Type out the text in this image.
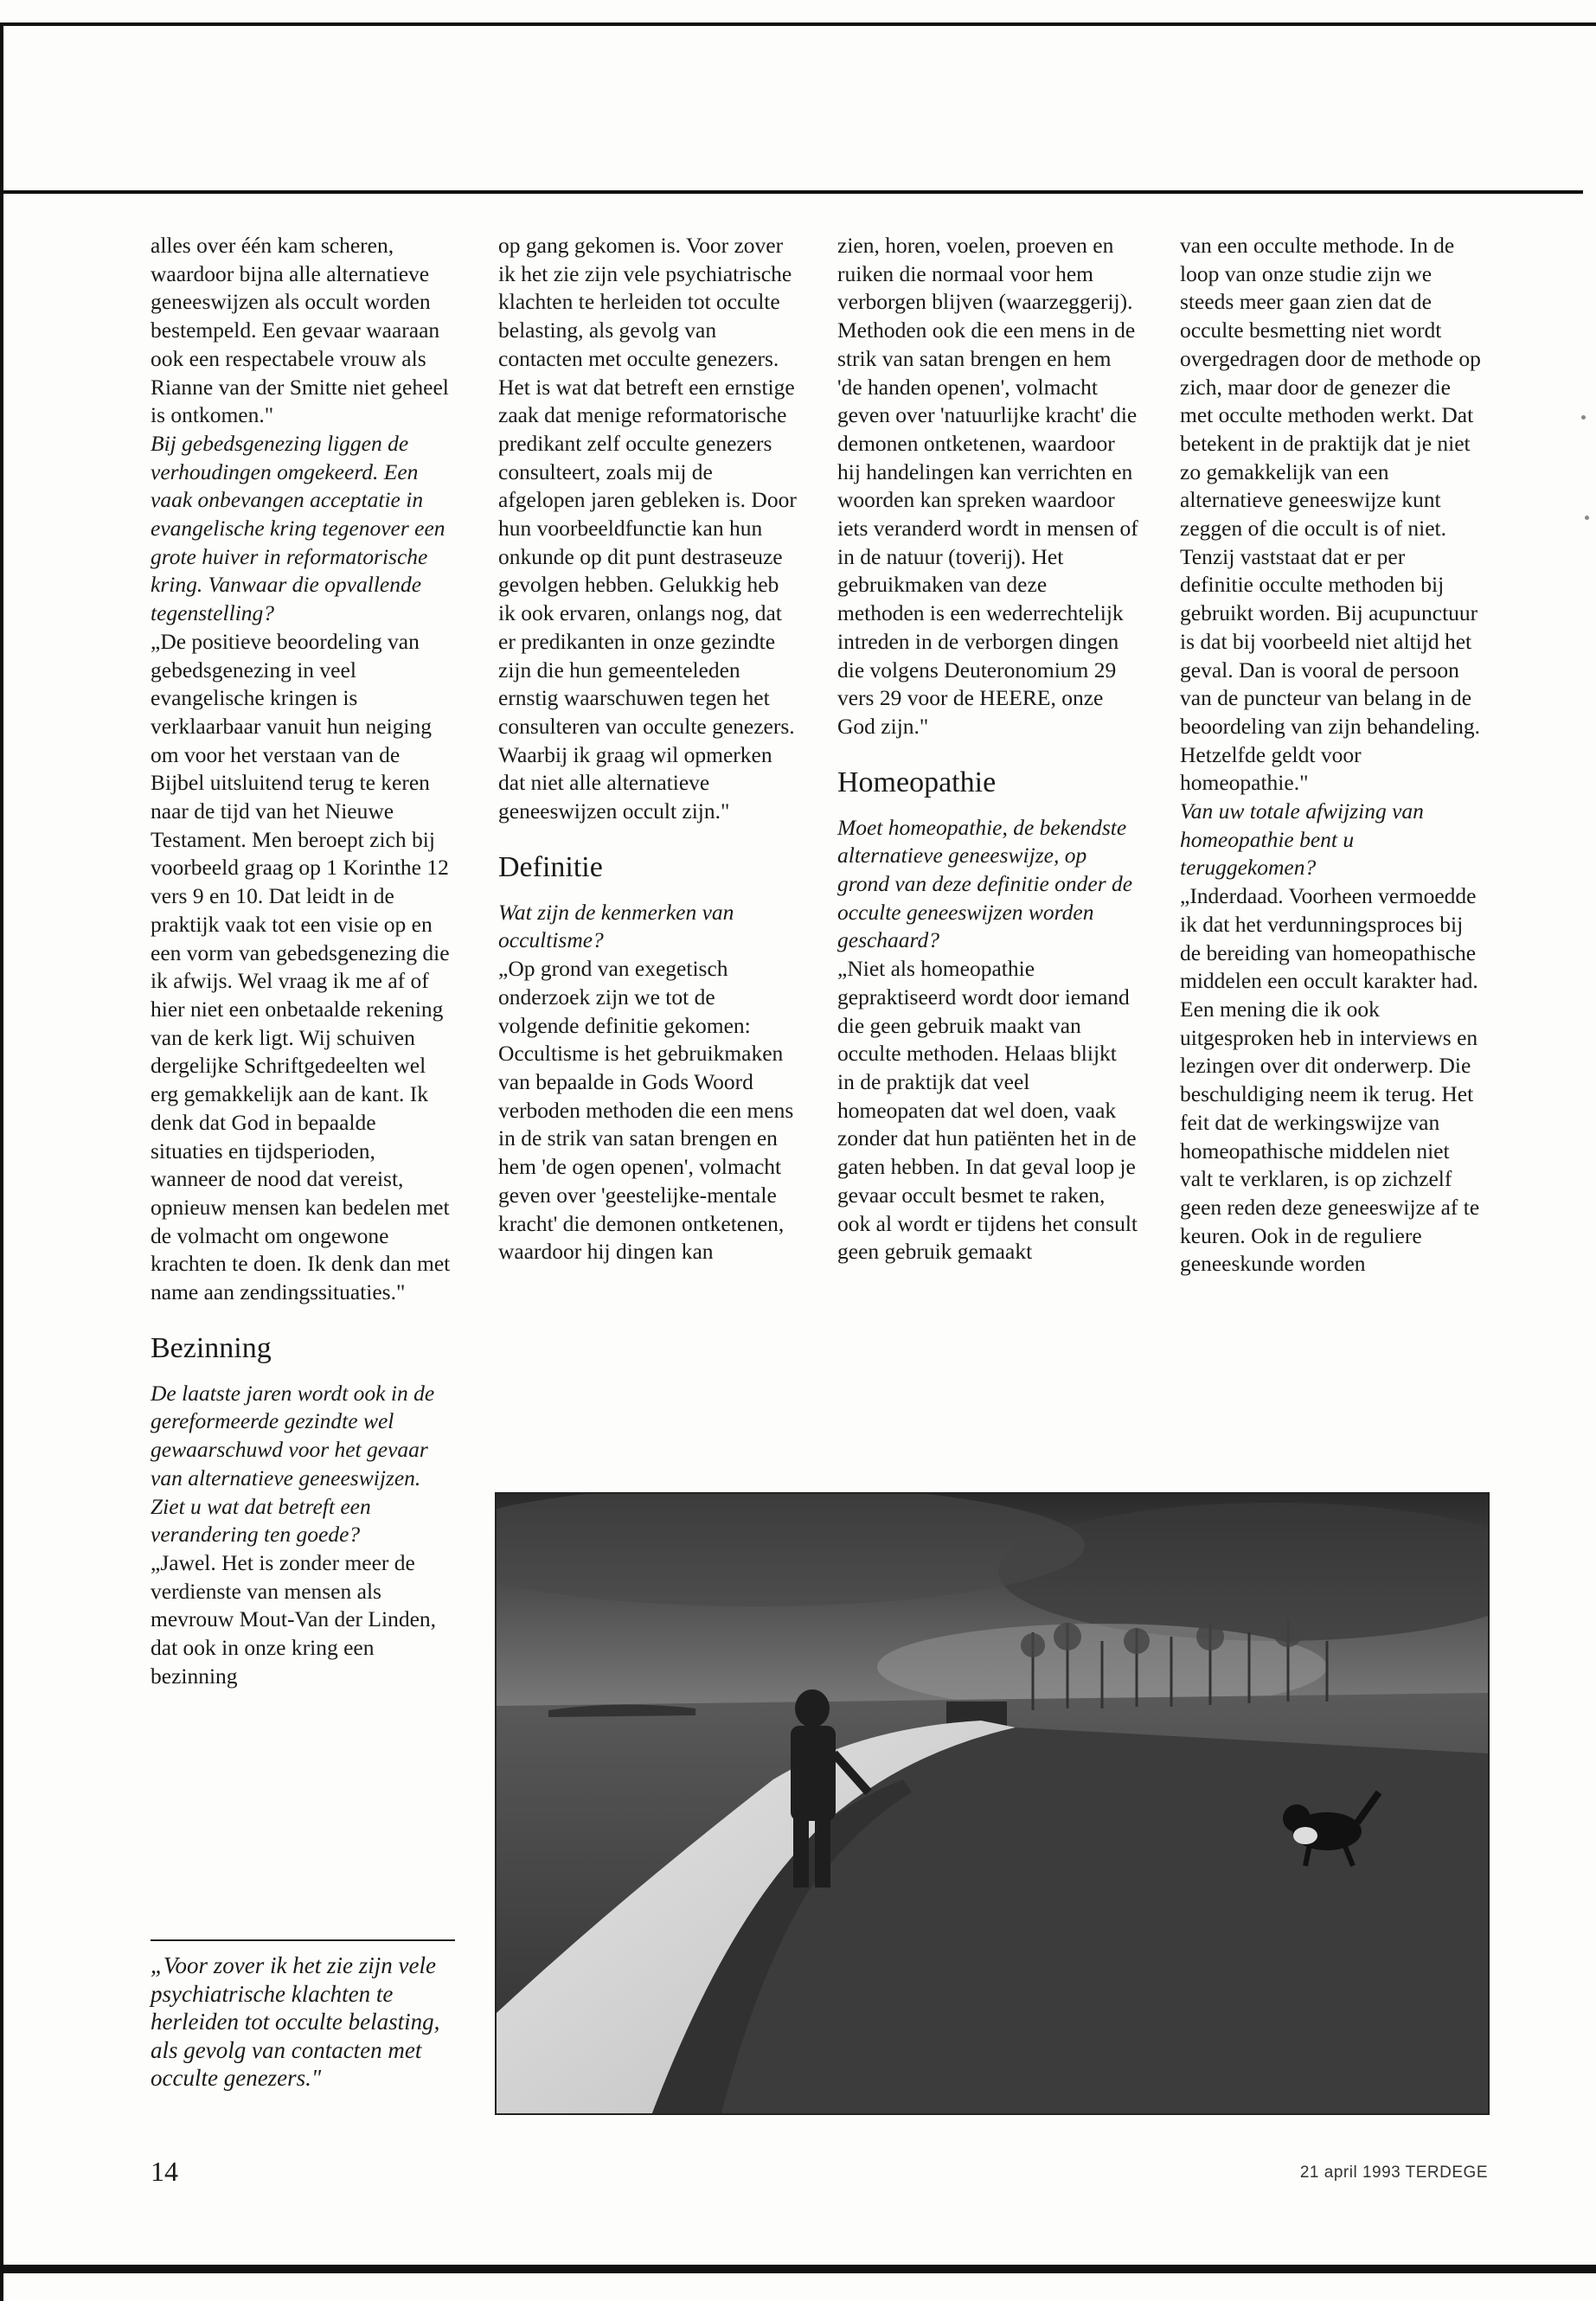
alles over één kam scheren, waardoor bijna alle alternatieve geneeswijzen als occult worden bestempeld. Een gevaar waaraan ook een respectabele vrouw als Rianne van der Smitte niet geheel is ontkomen."

Bij gebedsgenezing liggen de verhoudingen omgekeerd. Een vaak onbevangen acceptatie in evangelische kring tegenover een grote huiver in reformatorische kring. Vanwaar die opvallende tegenstelling?

„De positieve beoordeling van gebedsgenezing in veel evangelische kringen is verklaarbaar vanuit hun neiging om voor het verstaan van de Bijbel uitsluitend terug te keren naar de tijd van het Nieuwe Testament. Men beroept zich bij voorbeeld graag op 1 Korinthe 12 vers 9 en 10. Dat leidt in de praktijk vaak tot een visie op en een vorm van gebedsgenezing die ik afwijs. Wel vraag ik me af of hier niet een onbetaalde rekening van de kerk ligt. Wij schuiven dergelijke Schriftgedeelten wel erg gemakkelijk aan de kant. Ik denk dat God in bepaalde situaties en tijdsperioden, wanneer de nood dat vereist, opnieuw mensen kan bedelen met de volmacht om ongewone krachten te doen. Ik denk dan met name aan zendingssituaties."

Bezinning

De laatste jaren wordt ook in de gereformeerde gezindte wel gewaarschuwd voor het gevaar van alternatieve geneeswijzen. Ziet u wat dat betreft een verandering ten goede?

„Jawel. Het is zonder meer de verdienste van mensen als mevrouw Mout-Van der Linden, dat ook in onze kring een bezinning

op gang gekomen is. Voor zover ik het zie zijn vele psychiatrische klachten te herleiden tot occulte belasting, als gevolg van contacten met occulte genezers. Het is wat dat betreft een ernstige zaak dat menige reformatorische predikant zelf occulte genezers consulteert, zoals mij de afgelopen jaren gebleken is. Door hun voorbeeldfunctie kan hun onkunde op dit punt destraseuze gevolgen hebben. Gelukkig heb ik ook ervaren, onlangs nog, dat er predikanten in onze gezindte zijn die hun gemeenteleden ernstig waarschuwen tegen het consulteren van occulte genezers. Waarbij ik graag wil opmerken dat niet alle alternatieve geneeswijzen occult zijn."

Definitie

Wat zijn de kenmerken van occultisme?

„Op grond van exegetisch onderzoek zijn we tot de volgende definitie gekomen: Occultisme is het gebruikmaken van bepaalde in Gods Woord verboden methoden die een mens in de strik van satan brengen en hem 'de ogen openen', volmacht geven over 'geestelijke-mentale kracht' die demonen ontketenen, waardoor hij dingen kan

zien, horen, voelen, proeven en ruiken die normaal voor hem verborgen blijven (waarzeggerij). Methoden ook die een mens in de strik van satan brengen en hem 'de handen openen', volmacht geven over 'natuurlijke kracht' die demonen ontketenen, waardoor hij handelingen kan verrichten en woorden kan spreken waardoor iets veranderd wordt in mensen of in de natuur (toverij). Het gebruikmaken van deze methoden is een wederrechtelijk intreden in de verborgen dingen die volgens Deuteronomium 29 vers 29 voor de HEERE, onze God zijn."

Homeopathie

Moet homeopathie, de bekendste alternatieve geneeswijze, op grond van deze definitie onder de occulte geneeswijzen worden geschaard?

„Niet als homeopathie gepraktiseerd wordt door iemand die geen gebruik maakt van occulte methoden. Helaas blijkt in de praktijk dat veel homeopaten dat wel doen, vaak zonder dat hun patiënten het in de gaten hebben. In dat geval loop je gevaar occult besmet te raken, ook al wordt er tijdens het consult geen gebruik gemaakt

van een occulte methode. In de loop van onze studie zijn we steeds meer gaan zien dat de occulte besmetting niet wordt overgedragen door de methode op zich, maar door de genezer die met occulte methoden werkt. Dat betekent in de praktijk dat je niet zo gemakkelijk van een alternatieve geneeswijze kunt zeggen of die occult is of niet. Tenzij vaststaat dat er per definitie occulte methoden bij gebruikt worden. Bij acupunctuur is dat bij voorbeeld niet altijd het geval. Dan is vooral de persoon van de puncteur van belang in de beoordeling van zijn behandeling. Hetzelfde geldt voor homeopathie."

Van uw totale afwijzing van homeopathie bent u teruggekomen?

„Inderdaad. Voorheen vermoedde ik dat het verdunningsproces bij de bereiding van homeopathische middelen een occult karakter had. Een mening die ik ook uitgesproken heb in interviews en lezingen over dit onderwerp. Die beschuldiging neem ik terug. Het feit dat de werkingswijze van homeopathische middelen niet valt te verklaren, is op zichzelf geen reden deze geneeswijze af te keuren. Ook in de reguliere geneeskunde worden

„Voor zover ik het zie zijn vele psychiatrische klachten te herleiden tot occulte belasting, als gevolg van contacten met occulte genezers."

14	21 april 1993 TERDEGE
